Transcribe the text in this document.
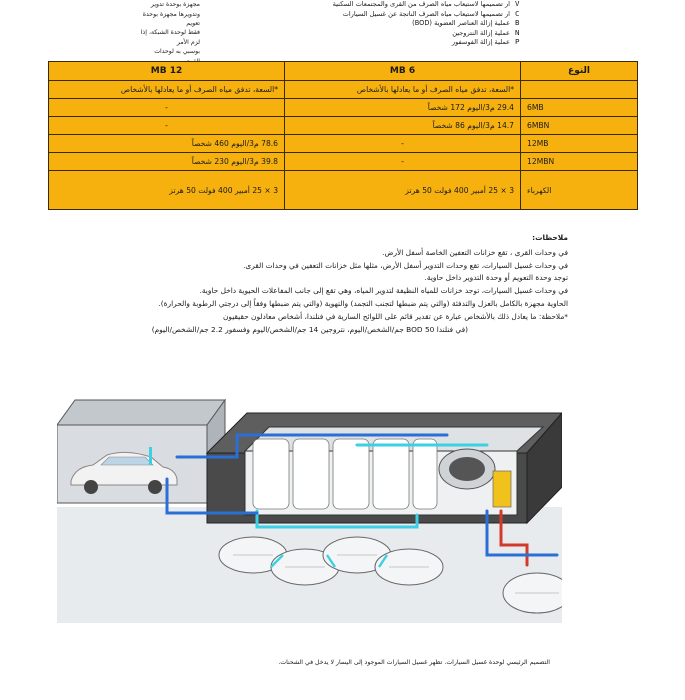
مجهزة بوحدة تدوير
وتدويرها مجهزة بوحدة تعويم
فقط لوحدة الشبكة، إذا لزم الأمر
بوسبي به لوحدات
ار تصميمها لاستيعاب مياه الصرف من القرى والمجتمعات السكنية
ار تصميمها لاستيعاب مياه الصرف الناتجة عن غسيل السيارات
عملية إزالة العناصر العضوية (BOD)
عملية إزالة النتروجين
عملية إزالة الفوسفور
V
C
B
N
P
النوع	MB 6	MB 12
	*السعة، تدفق مياه الصرف أو ما يعادلها بالأشخاص	*السعة، تدفق مياه الصرف أو ما يعادلها بالأشخاص
6MB	29.4 م3/اليوم 172 شخصاً	-
6MBN	14.7 م3/اليوم 86 شخصاً	-
12MB	-	78.6 م3/اليوم 460 شخصاً
12MBN	-	39.8 م3/اليوم 230 شخصاً
الكهرباء	3 × 25 أمبير 400 فولت 50 هرتز	3 × 25 أمبير 400 فولت 50 هرتز
ملاحظات:
في وحدات القرى ، تقع خزانات التعفين الخاصة أسفل الأرض.
في وحدات غسيل السيارات، تقع وحدات التدوير أسفل الأرض، مثلها مثل خزانات التعفين في وحدات القرى.
توجد وحدة التعويم أو وحدة التدوير داخل حاوية.
في وحدات غسيل السيارات، توجد خزانات للمياه النظيفة لتدوير المياه، وهي تقع إلى جانب المفاعلات الحيوية داخل حاوية.
الحاوية مجهزة بالكامل بالعزل والتدفئة (والتي يتم ضبطها لتجنب التجمد) والتهوية (والتي يتم ضبطها وفقاً إلى درجتي الرطوبة والحرارة).
*ملاحظة: ما يعادل ذلك بالأشخاص عبارة عن تقدير قائم على اللوائح السارية في فنلندا، أشخاص معادلون حقيقيون
(في فنلندا BOD 50 جم/الشخص/اليوم، نتروجين 14 جم/الشخص/اليوم وفسفور 2.2 جم/الشخص/اليوم)
التصميم الرئيسي لوحدة غسيل السيارات. تظهر غسيل السيارات الموجود إلى اليسار لا يدخل في الشحنات.
